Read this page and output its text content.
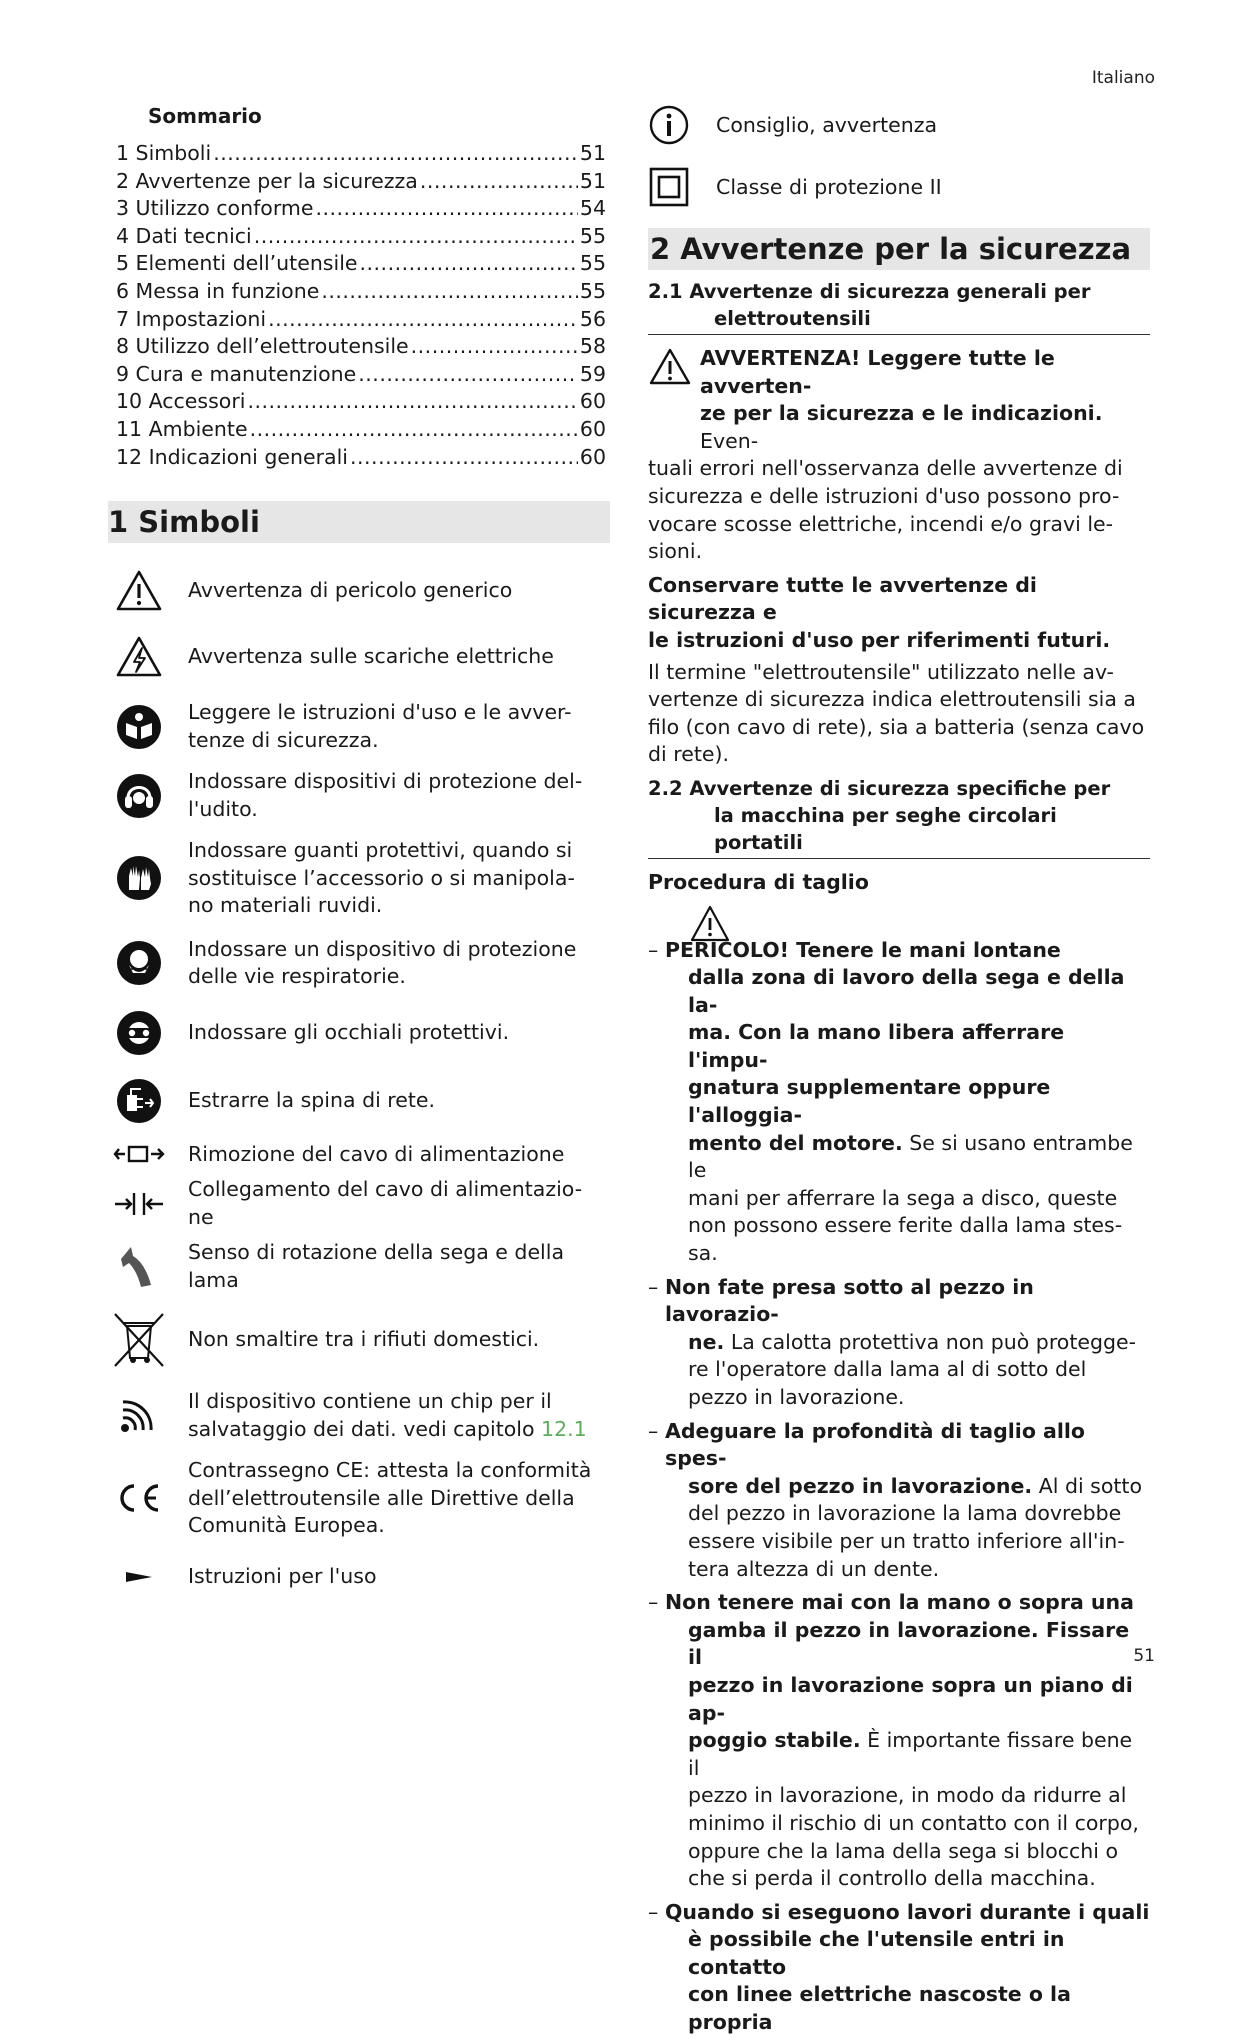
Italiano
Sommario
1 Simboli .....	51
2 Avvertenze per la sicurezza .....	51
3 Utilizzo conforme .....	54
4 Dati tecnici .....	55
5 Elementi dell’utensile .....	55
6 Messa in funzione .....	55
7 Impostazioni .....	56
8 Utilizzo dell’elettroutensile .....	58
9 Cura e manutenzione .....	59
10 Accessori .....	60
11 Ambiente .....	60
12 Indicazioni generali .....	60
1 Simboli
Avvertenza di pericolo generico
Avvertenza sulle scariche elettriche
Leggere le istruzioni d'uso e le avver-
tenze di sicurezza.
Indossare dispositivi di protezione del-
l'udito.
Indossare guanti protettivi, quando si
sostituisce l’accessorio o si manipola-
no materiali ruvidi.
Indossare un dispositivo di protezione
delle vie respiratorie.
Indossare gli occhiali protettivi.
Estrarre la spina di rete.
Rimozione del cavo di alimentazione
Collegamento del cavo di alimentazio-
ne
Senso di rotazione della sega e della
lama
Non smaltire tra i rifiuti domestici.
Il dispositivo contiene un chip per il
salvataggio dei dati. vedi capitolo 12.1
Contrassegno CE: attesta la conformità
dell’elettroutensile alle Direttive della
Comunità Europea.
Istruzioni per l'uso
Consiglio, avvertenza
Classe di protezione II
2 Avvertenze per la sicurezza
2.1 Avvertenze di sicurezza generali per
elettroutensili
AVVERTENZA! Leggere tutte le avverten-
ze per la sicurezza e le indicazioni. Even-
tuali errori nell'osservanza delle avvertenze di
sicurezza e delle istruzioni d'uso possono pro-
vocare scosse elettriche, incendi e/o gravi le-
sioni.
Conservare tutte le avvertenze di sicurezza e
le istruzioni d'uso per riferimenti futuri.
Il termine "elettroutensile" utilizzato nelle av-
vertenze di sicurezza indica elettroutensili sia a
filo (con cavo di rete), sia a batteria (senza cavo
di rete).
2.2 Avvertenze di sicurezza specifiche per
la macchina per seghe circolari portatili
Procedura di taglio
– PERICOLO! Tenere le mani lontane
dalla zona di lavoro della sega e della la-
ma. Con la mano libera afferrare l'impu-
gnatura supplementare oppure l'alloggia-
mento del motore. Se si usano entrambe le
mani per afferrare la sega a disco, queste
non possono essere ferite dalla lama stes-
sa.
– Non fate presa sotto al pezzo in lavorazio-
ne. La calotta protettiva non può protegge-
re l'operatore dalla lama al di sotto del
pezzo in lavorazione.
– Adeguare la profondità di taglio allo spes-
sore del pezzo in lavorazione. Al di sotto
del pezzo in lavorazione la lama dovrebbe
essere visibile per un tratto inferiore all'in-
tera altezza di un dente.
– Non tenere mai con la mano o sopra una
gamba il pezzo in lavorazione. Fissare il
pezzo in lavorazione sopra un piano di ap-
poggio stabile. È importante fissare bene il
pezzo in lavorazione, in modo da ridurre al
minimo il rischio di un contatto con il corpo,
oppure che la lama della sega si blocchi o
che si perda il controllo della macchina.
– Quando si eseguono lavori durante i quali
è possibile che l'utensile entri in contatto
con linee elettriche nascoste o la propria
51
